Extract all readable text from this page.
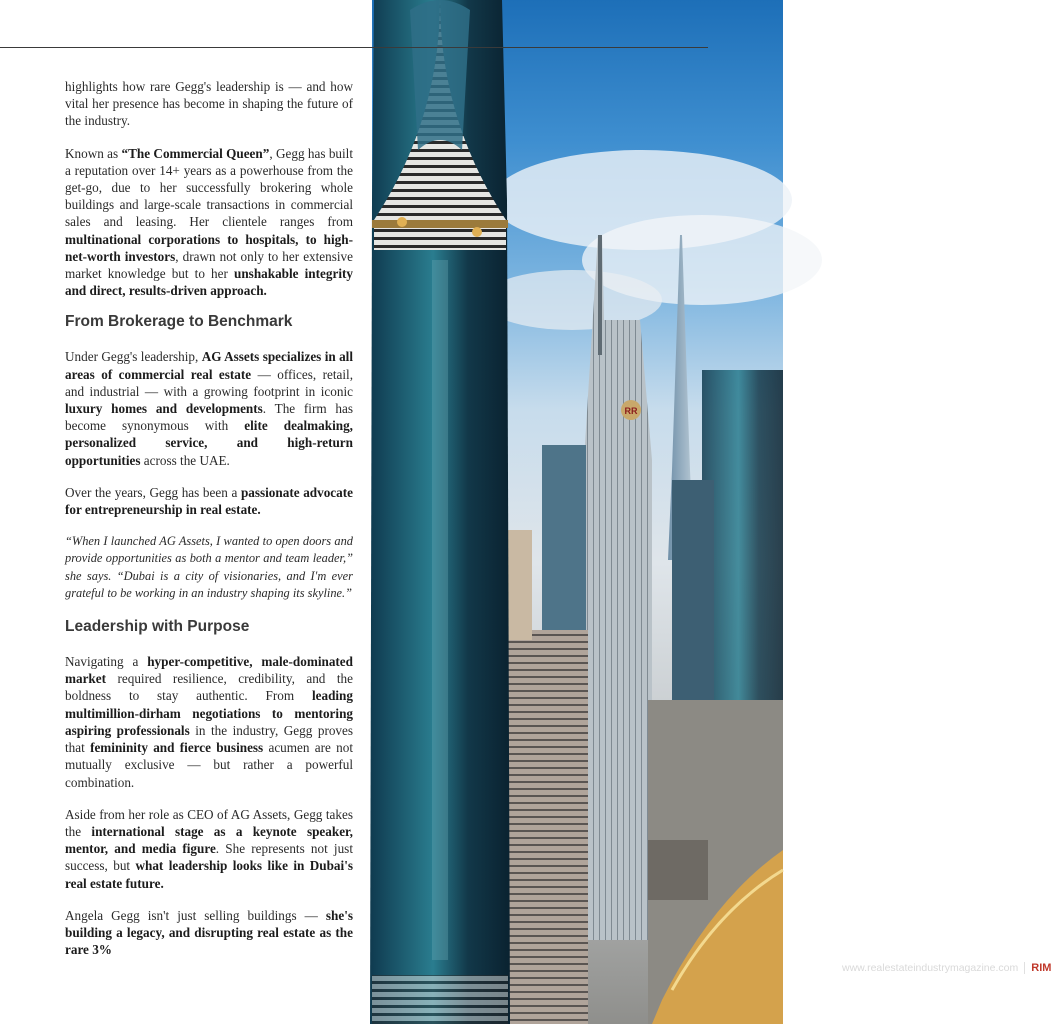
highlights how rare Gegg's leadership is — and how vital her presence has become in shaping the future of the industry.

Known as “The Commercial Queen”, Gegg has built a reputation over 14+ years as a powerhouse from the get-go, due to her successfully brokering whole buildings and large-scale transactions in commercial sales and leasing. Her clientele ranges from multinational corporations to hospitals, to high-net-worth investors, drawn not only to her extensive market knowledge but to her unshakable integrity and direct, results-driven approach.

From Brokerage to Benchmark

Under Gegg's leadership, AG Assets specializes in all areas of commercial real estate — offices, retail, and industrial — with a growing footprint in iconic luxury homes and developments. The firm has become synonymous with elite dealmaking, personalized service, and high-return opportunities across the UAE.

Over the years, Gegg has been a passionate advocate for entrepreneurship in real estate.

“When I launched AG Assets, I wanted to open doors and provide opportunities as both a mentor and team leader,” she says. “Dubai is a city of visionaries, and I'm ever grateful to be working in an industry shaping its skyline.”

Leadership with Purpose

Navigating a hyper-competitive, male-dominated market required resilience, credibility, and the boldness to stay authentic. From leading multimillion-dirham negotiations to mentoring aspiring professionals in the industry, Gegg proves that femininity and fierce business acumen are not mutually exclusive — but rather a powerful combination.

Aside from her role as CEO of AG Assets, Gegg takes the international stage as a keynote speaker, mentor, and media figure. She represents not just success, but what leadership looks like in Dubai's real estate future.

Angela Gegg isn't just selling buildings — she's building a legacy, and disrupting real estate as the rare 3%

RR
www.realestateindustrymagazine.com RIM
